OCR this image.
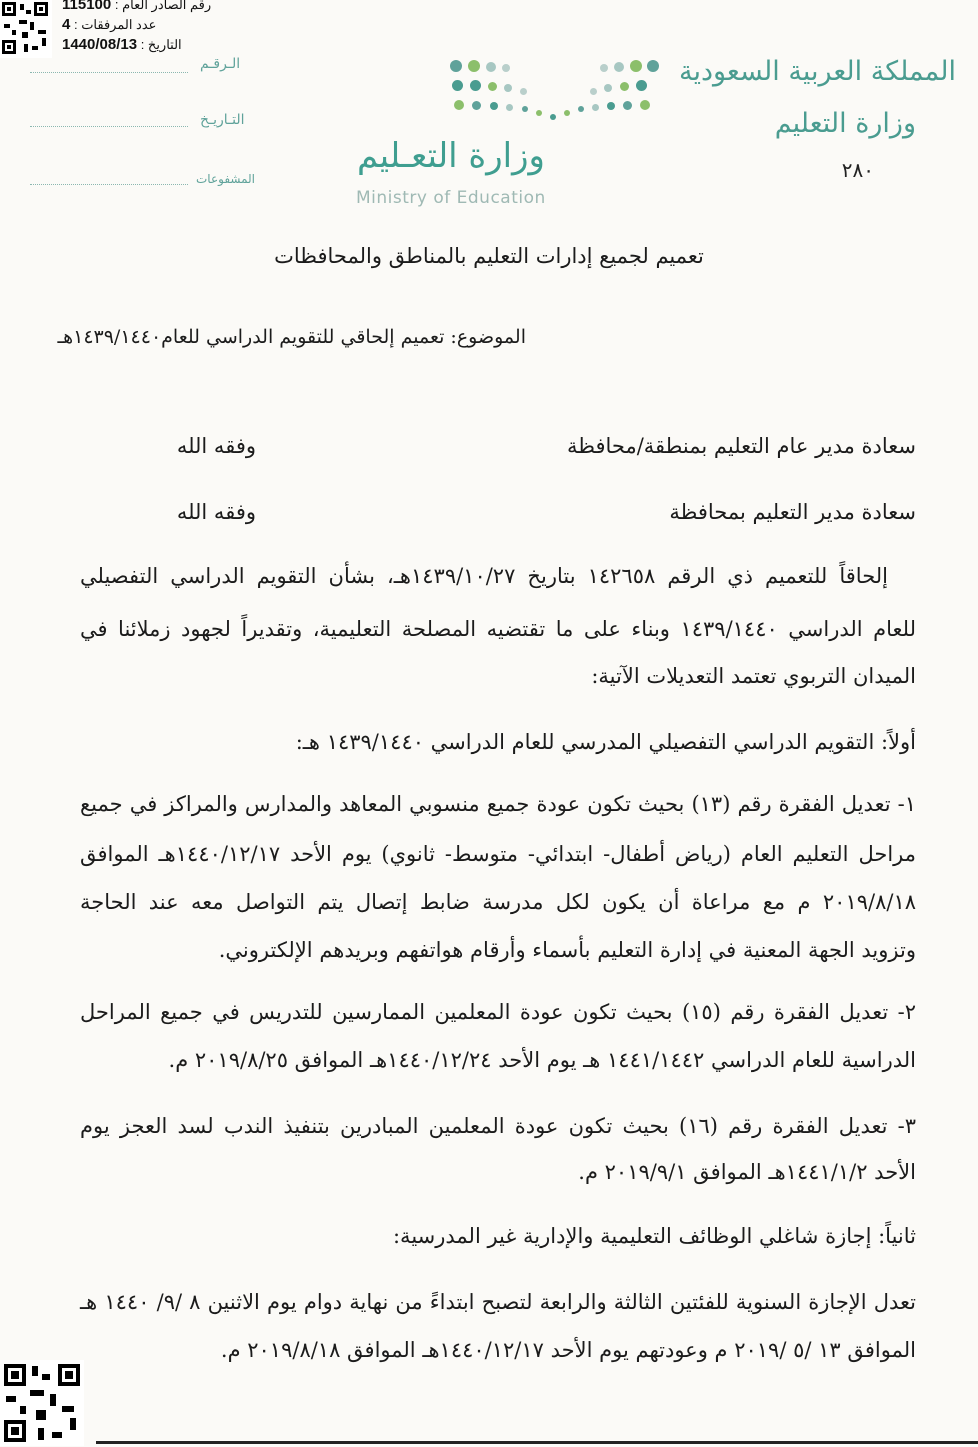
رقم الصادر العام : 115100
عدد المرفقات : 4
التاريخ : 1440/08/13
الـرقـم
التـاريـخ
المشفوعات
وزارة التعـليم
Ministry of Education
المملكة العربية السعودية
وزارة التعليم
٢٨٠
تعميم لجميع إدارات التعليم بالمناطق والمحافظات
الموضوع: تعميم إلحاقي للتقويم الدراسي للعام١٤٣٩/١٤٤٠هـ
سعادة مدير عام التعليم بمنطقة/محافظة
وفقه الله
سعادة مدير التعليم بمحافظة
وفقه الله
إلحاقاً للتعميم ذي الرقم ١٤٢٦٥٨ بتاريخ ١٤٣٩/١٠/٢٧هـ، بشأن التقويم الدراسي التفصيلي
للعام الدراسي ١٤٣٩/١٤٤٠ وبناء على ما تقتضيه المصلحة التعليمية، وتقديراً لجهود زملائنا في
الميدان التربوي تعتمد التعديلات الآتية:
أولاً: التقويم الدراسي التفصيلي المدرسي للعام الدراسي ١٤٣٩/١٤٤٠ هـ:
١- تعديل الفقرة رقم (١٣) بحيث تكون عودة جميع منسوبي المعاهد والمدارس والمراكز في جميع
مراحل التعليم العام (رياض أطفال- ابتدائي- متوسط- ثانوي) يوم الأحد ١٤٤٠/١٢/١٧هـ الموافق
٢٠١٩/٨/١٨ م مع مراعاة أن يكون لكل مدرسة ضابط إتصال يتم التواصل معه عند الحاجة
وتزويد الجهة المعنية في إدارة التعليم بأسماء وأرقام هواتفهم وبريدهم الإلكتروني.
٢- تعديل الفقرة رقم (١٥) بحيث تكون عودة المعلمين الممارسين للتدريس في جميع المراحل
الدراسية للعام الدراسي ١٤٤١/١٤٤٢ هـ يوم الأحد ١٤٤٠/١٢/٢٤هـ الموافق ٢٠١٩/٨/٢٥ م.
٣- تعديل الفقرة رقم (١٦) بحيث تكون عودة المعلمين المبادرين بتنفيذ الندب لسد العجز يوم
الأحد ١٤٤١/١/٢هـ الموافق ٢٠١٩/٩/١ م.
ثانياً: إجازة شاغلي الوظائف التعليمية والإدارية غير المدرسية:
تعدل الإجازة السنوية للفئتين الثالثة والرابعة لتصبح ابتداءً من نهاية دوام يوم الاثنين ٨ /٩/ ١٤٤٠ هـ
الموافق ١٣ /٥ /٢٠١٩ م وعودتهم يوم الأحد ١٤٤٠/١٢/١٧هـ الموافق ٢٠١٩/٨/١٨ م.
